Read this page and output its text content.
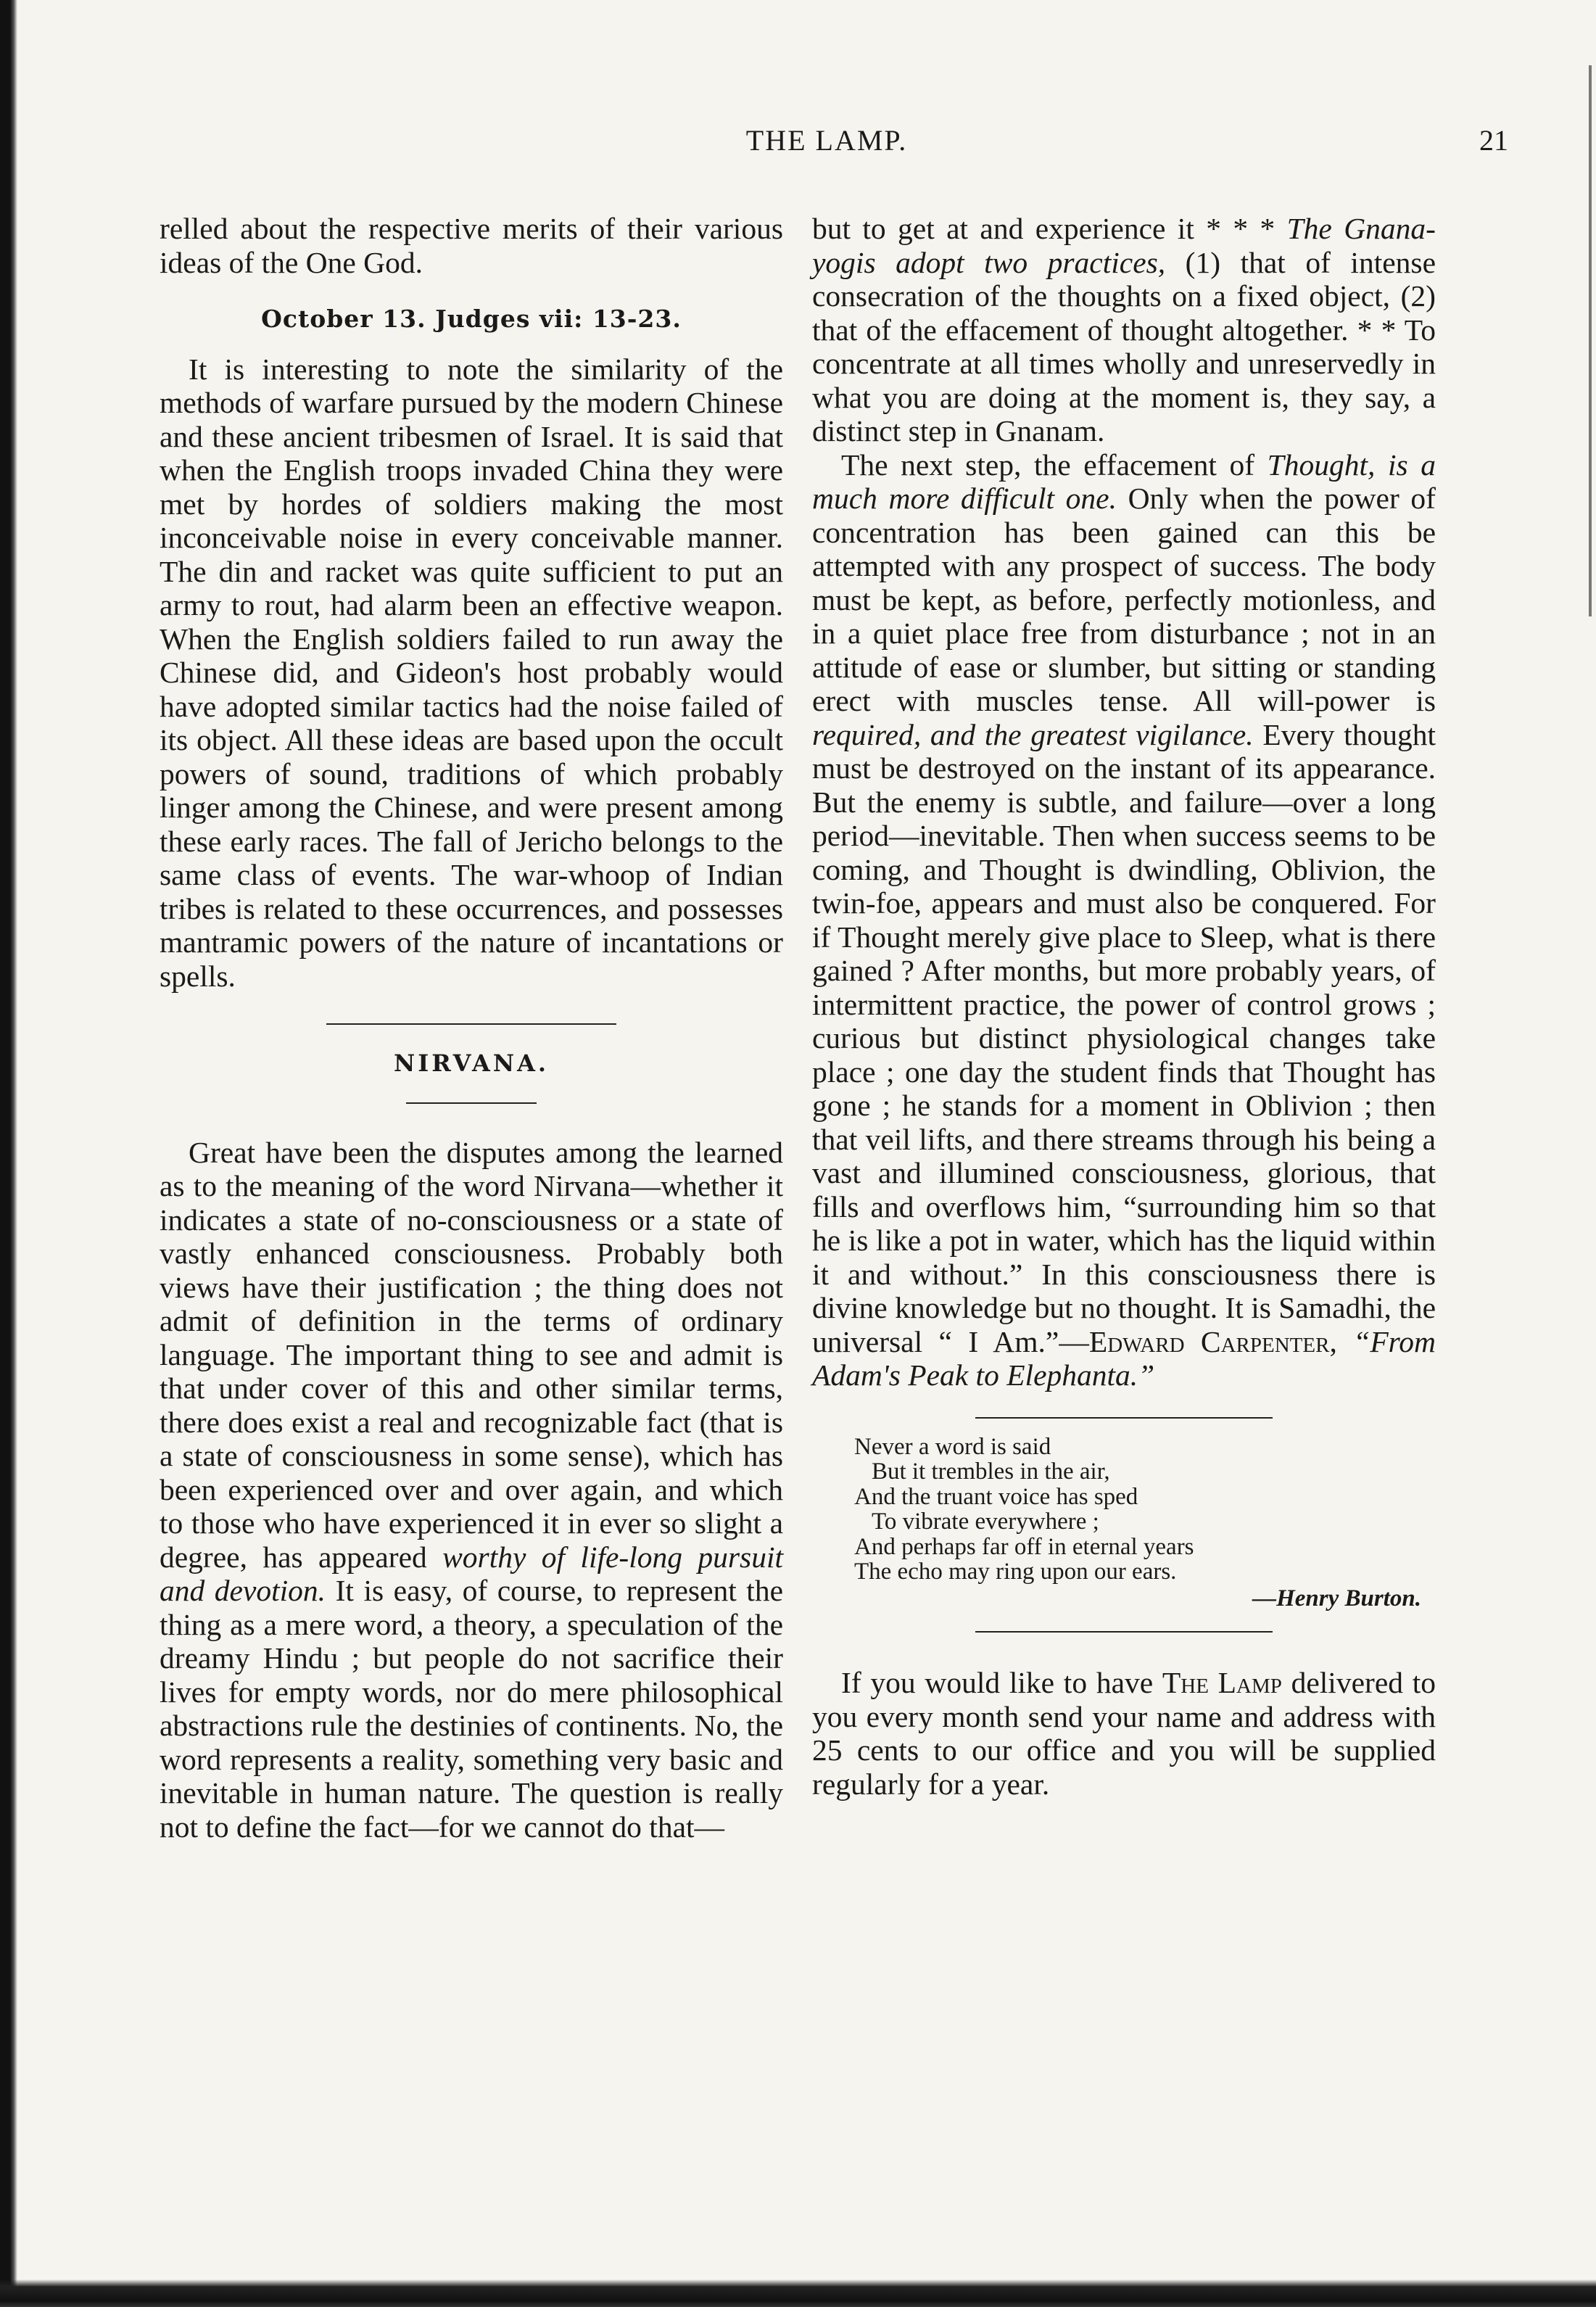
THE LAMP.	21

relled about the respective merits of their various ideas of the One God.

October 13. Judges vii: 13-23.

It is interesting to note the similarity of the methods of warfare pursued by the modern Chinese and these ancient tribesmen of Israel. It is said that when the English troops invaded China they were met by hordes of soldiers making the most inconceivable noise in every conceivable manner. The din and racket was quite sufficient to put an army to rout, had alarm been an effective weapon. When the English soldiers failed to run away the Chinese did, and Gideon's host probably would have adopted similar tactics had the noise failed of its object. All these ideas are based upon the occult powers of sound, traditions of which probably linger among the Chinese, and were present among these early races. The fall of Jericho belongs to the same class of events. The war-whoop of Indian tribes is related to these occurrences, and possesses mantramic powers of the nature of incantations or spells.

NIRVANA.

Great have been the disputes among the learned as to the meaning of the word Nirvana—whether it indicates a state of no-consciousness or a state of vastly enhanced consciousness. Probably both views have their justification ; the thing does not admit of definition in the terms of ordinary language. The important thing to see and admit is that under cover of this and other similar terms, there does exist a real and recognizable fact (that is a state of consciousness in some sense), which has been experienced over and over again, and which to those who have experienced it in ever so slight a degree, has appeared worthy of life-long pursuit and devotion. It is easy, of course, to represent the thing as a mere word, a theory, a speculation of the dreamy Hindu ; but people do not sacrifice their lives for empty words, nor do mere philosophical abstractions rule the destinies of continents. No, the word represents a reality, something very basic and inevitable in human nature. The question is really not to define the fact—for we cannot do that—

but to get at and experience it * * * The Gnana-yogis adopt two practices, (1) that of intense consecration of the thoughts on a fixed object, (2) that of the effacement of thought altogether. * * To concentrate at all times wholly and unreservedly in what you are doing at the moment is, they say, a distinct step in Gnanam.

The next step, the effacement of Thought, is a much more difficult one. Only when the power of concentration has been gained can this be attempted with any prospect of success. The body must be kept, as before, perfectly motionless, and in a quiet place free from disturbance ; not in an attitude of ease or slumber, but sitting or standing erect with muscles tense. All will-power is required, and the greatest vigilance. Every thought must be destroyed on the instant of its appearance. But the enemy is subtle, and failure—over a long period—inevitable. Then when success seems to be coming, and Thought is dwindling, Oblivion, the twin-foe, appears and must also be conquered. For if Thought merely give place to Sleep, what is there gained ? After months, but more probably years, of intermittent practice, the power of control grows ; curious but distinct physiological changes take place ; one day the student finds that Thought has gone ; he stands for a moment in Oblivion ; then that veil lifts, and there streams through his being a vast and illumined consciousness, glorious, that fills and overflows him, “surrounding him so that he is like a pot in water, which has the liquid within it and without.” In this consciousness there is divine knowledge but no thought. It is Samadhi, the universal “ I Am.”—Edward Carpenter, “From Adam's Peak to Elephanta.”

Never a word is said
But it trembles in the air,
And the truant voice has sped
To vibrate everywhere ;
And perhaps far off in eternal years
The echo may ring upon our ears.
—Henry Burton.

If you would like to have The Lamp delivered to you every month send your name and address with 25 cents to our office and you will be supplied regularly for a year.
